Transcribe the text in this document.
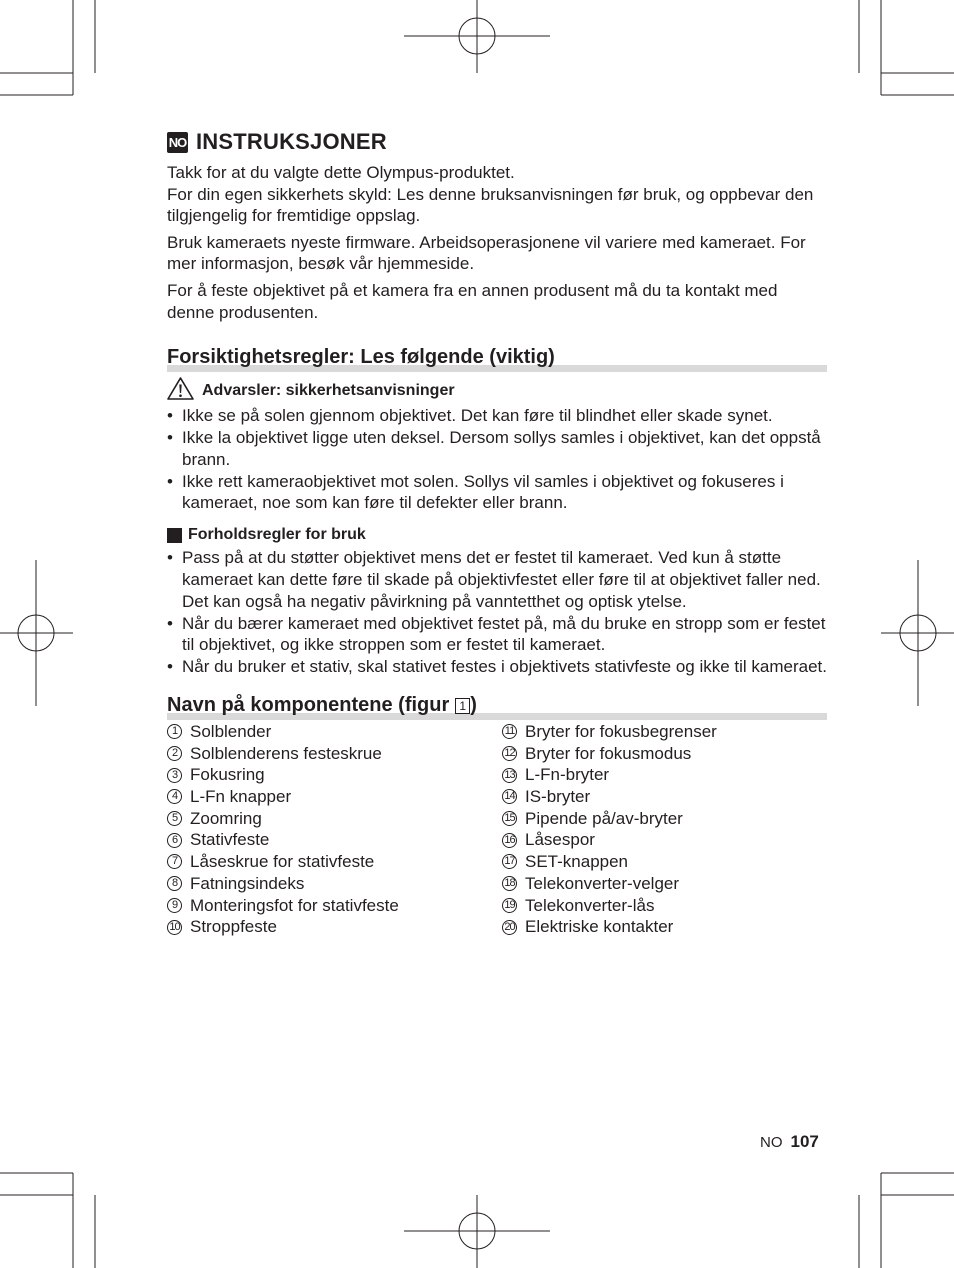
NO INSTRUKSJONER

Takk for at du valgte dette Olympus-produktet.

For din egen sikkerhets skyld: Les denne bruksanvisningen før bruk, og oppbevar den tilgjengelig for fremtidige oppslag.

Bruk kameraets nyeste firmware. Arbeidsoperasjonene vil variere med kameraet. For mer informasjon, besøk vår hjemmeside.

For å feste objektivet på et kamera fra en annen produsent må du ta kontakt med denne produsenten.

Forsiktighetsregler: Les følgende (viktig)
Advarsler: sikkerhetsanvisninger
• Ikke se på solen gjennom objektivet. Det kan føre til blindhet eller skade synet.
• Ikke la objektivet ligge uten deksel. Dersom sollys samles i objektivet, kan det oppstå brann.
• Ikke rett kameraobjektivet mot solen. Sollys vil samles i objektivet og fokuseres i kameraet, noe som kan føre til defekter eller brann.
Forholdsregler for bruk
• Pass på at du støtter objektivet mens det er festet til kameraet. Ved kun å støtte kameraet kan dette føre til skade på objektivfestet eller føre til at objektivet faller ned. Det kan også ha negativ påvirkning på vanntetthet og optisk ytelse.
• Når du bærer kameraet med objektivet festet på, må du bruke en stropp som er festet til objektivet, og ikke stroppen som er festet til kameraet.
• Når du bruker et stativ, skal stativet festes i objektivets stativfeste og ikke til kameraet.
Navn på komponentene (figur 1 )
1 Solblender
2 Solblenderens festeskrue
3 Fokusring
4 L-Fn knapper
5 Zoomring
6 Stativfeste
7 Låseskrue for stativfeste
8 Fatningsindeks
9 Monteringsfot for stativfeste
10 Stroppfeste
11 Bryter for fokusbegrenser
12 Bryter for fokusmodus
13 L-Fn-bryter
14 IS-bryter
15 Pipende på/av-bryter
16 Låsespor
17 SET-knappen
18 Telekonverter-velger
19 Telekonverter-lås
20 Elektriske kontakter
NO 107
